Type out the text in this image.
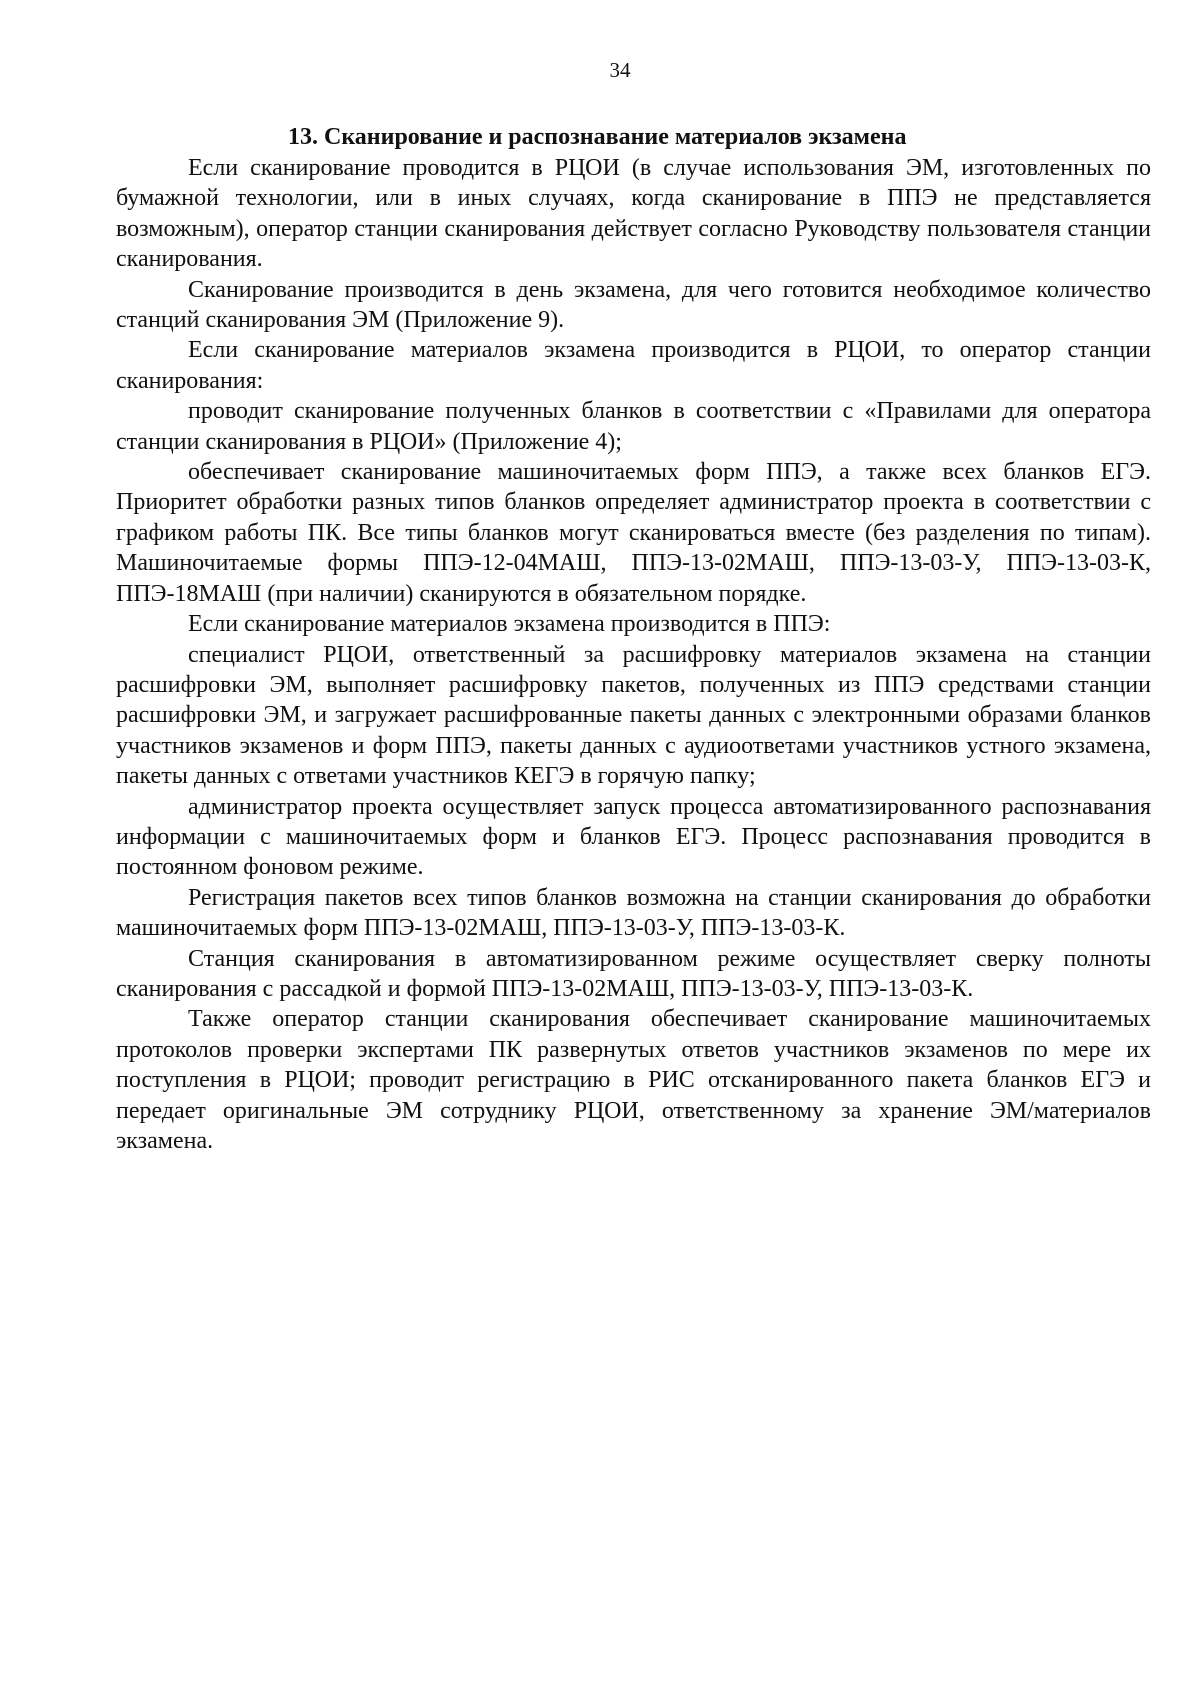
34
13. Сканирование и распознавание материалов экзамена

Если сканирование проводится в РЦОИ (в случае использования ЭМ, изготовленных по бумажной технологии, или в иных случаях, когда сканирование в ППЭ не представляется возможным), оператор станции сканирования действует согласно Руководству пользователя станции сканирования.

Сканирование производится в день экзамена, для чего готовится необходимое количество станций сканирования ЭМ (Приложение 9).

Если сканирование материалов экзамена производится в РЦОИ, то оператор станции сканирования:

проводит сканирование полученных бланков в соответствии с «Правилами для оператора станции сканирования в РЦОИ» (Приложение 4);

обеспечивает сканирование машиночитаемых форм ППЭ, а также всех бланков ЕГЭ. Приоритет обработки разных типов бланков определяет администратор проекта в соответствии с графиком работы ПК. Все типы бланков могут сканироваться вместе (без разделения по типам). Машиночитаемые формы ППЭ-12-04МАШ, ППЭ-13-02МАШ, ППЭ-13-03-У, ППЭ-13-03-К, ППЭ-18МАШ (при наличии) сканируются в обязательном порядке.

Если сканирование материалов экзамена производится в ППЭ:

специалист РЦОИ, ответственный за расшифровку материалов экзамена на станции расшифровки ЭМ, выполняет расшифровку пакетов, полученных из ППЭ средствами станции расшифровки ЭМ, и загружает расшифрованные пакеты данных с электронными образами бланков участников экзаменов и форм ППЭ, пакеты данных с аудиоответами участников устного экзамена, пакеты данных с ответами участников КЕГЭ в горячую папку;

администратор проекта осуществляет запуск процесса автоматизированного распознавания информации с машиночитаемых форм и бланков ЕГЭ. Процесс распознавания проводится в постоянном фоновом режиме.

Регистрация пакетов всех типов бланков возможна на станции сканирования до обработки машиночитаемых форм ППЭ-13-02МАШ, ППЭ-13-03-У, ППЭ-13-03-К.

Станция сканирования в автоматизированном режиме осуществляет сверку полноты сканирования с рассадкой и формой ППЭ-13-02МАШ, ППЭ-13-03-У, ППЭ-13-03-К.

Также оператор станции сканирования обеспечивает сканирование машиночитаемых протоколов проверки экспертами ПК развернутых ответов участников экзаменов по мере их поступления в РЦОИ; проводит регистрацию в РИС отсканированного пакета бланков ЕГЭ и передает оригинальные ЭМ сотруднику РЦОИ, ответственному за хранение ЭМ/материалов экзамена.
